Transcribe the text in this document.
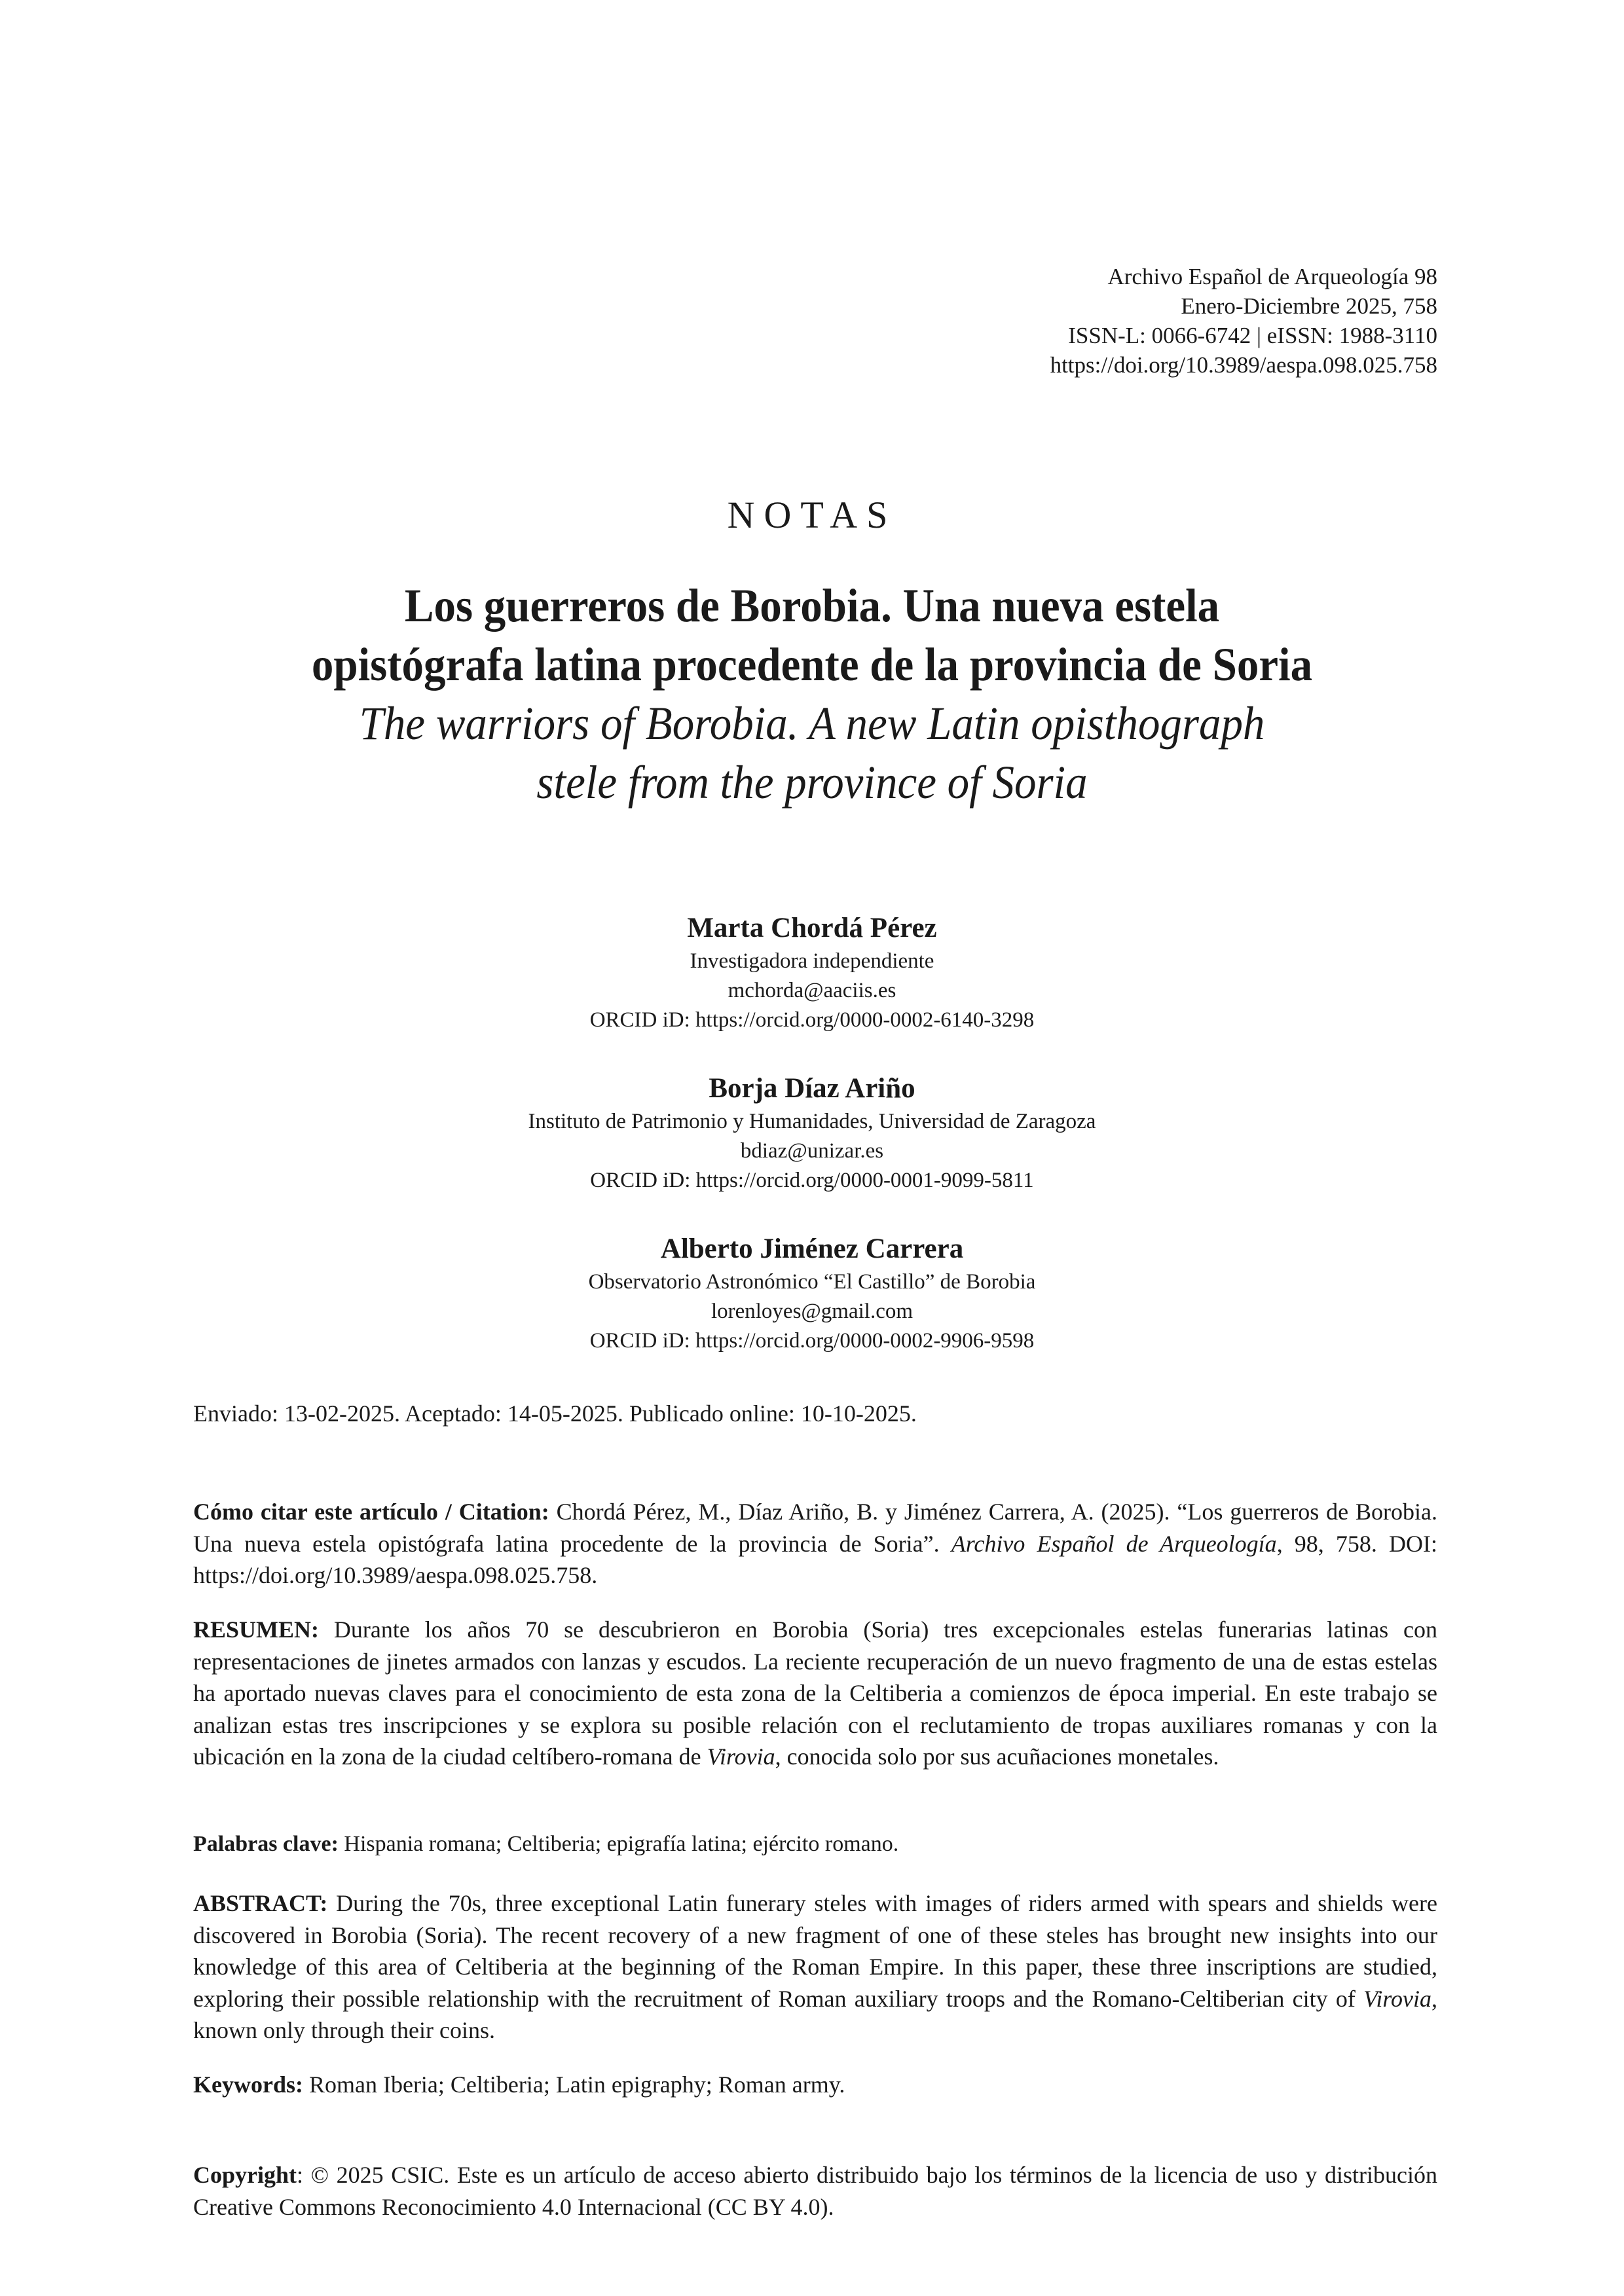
Archivo Español de Arqueología 98
Enero-Diciembre 2025, 758
ISSN-L: 0066-6742 | eISSN: 1988-3110
https://doi.org/10.3989/aespa.098.025.758
NOTAS

Los guerreros de Borobia. Una nueva estela

opistógrafa latina procedente de la provincia de Soria

The warriors of Borobia. A new Latin opisthograph

stele from the province of Soria

Marta Chordá Pérez
Investigadora independiente
mchorda@aaciis.es
ORCID iD: https://orcid.org/0000-0002-6140-3298
Borja Díaz Ariño
Instituto de Patrimonio y Humanidades, Universidad de Zaragoza
bdiaz@unizar.es
ORCID iD: https://orcid.org/0000-0001-9099-5811
Alberto Jiménez Carrera
Observatorio Astronómico “El Castillo” de Borobia
lorenloyes@gmail.com
ORCID iD: https://orcid.org/0000-0002-9906-9598
Enviado: 13-02-2025. Aceptado: 14-05-2025. Publicado online: 10-10-2025.
Cómo citar este artículo / Citation: Chordá Pérez, M., Díaz Ariño, B. y Jiménez Carrera, A. (2025). “Los guerreros de Borobia. Una nueva estela opistógrafa latina procedente de la provincia de Soria”. Archivo Español de Arqueología, 98, 758. DOI: https://doi.org/10.3989/aespa.098.025.758.
RESUMEN: Durante los años 70 se descubrieron en Borobia (Soria) tres excepcionales estelas funerarias latinas con representaciones de jinetes armados con lanzas y escudos. La reciente recuperación de un nuevo fragmento de una de estas estelas ha aportado nuevas claves para el conocimiento de esta zona de la Celtiberia a comienzos de época imperial. En este trabajo se analizan estas tres inscripciones y se explora su posible relación con el reclutamiento de tropas auxiliares romanas y con la ubicación en la zona de la ciudad celtíbero-romana de Virovia, conocida solo por sus acuñaciones monetales.
Palabras clave: Hispania romana; Celtiberia; epigrafía latina; ejército romano.
ABSTRACT: During the 70s, three exceptional Latin funerary steles with images of riders armed with spears and shields were discovered in Borobia (Soria). The recent recovery of a new fragment of one of these steles has brought new insights into our knowledge of this area of Celtiberia at the beginning of the Roman Empire. In this paper, these three inscriptions are studied, exploring their possible relationship with the recruitment of Roman auxiliary troops and the Romano-Celtiberian city of Virovia, known only through their coins.
Keywords: Roman Iberia; Celtiberia; Latin epigraphy; Roman army.
Copyright: © 2025 CSIC. Este es un artículo de acceso abierto distribuido bajo los términos de la licencia de uso y distribución Creative Commons Reconocimiento 4.0 Internacional (CC BY 4.0).
